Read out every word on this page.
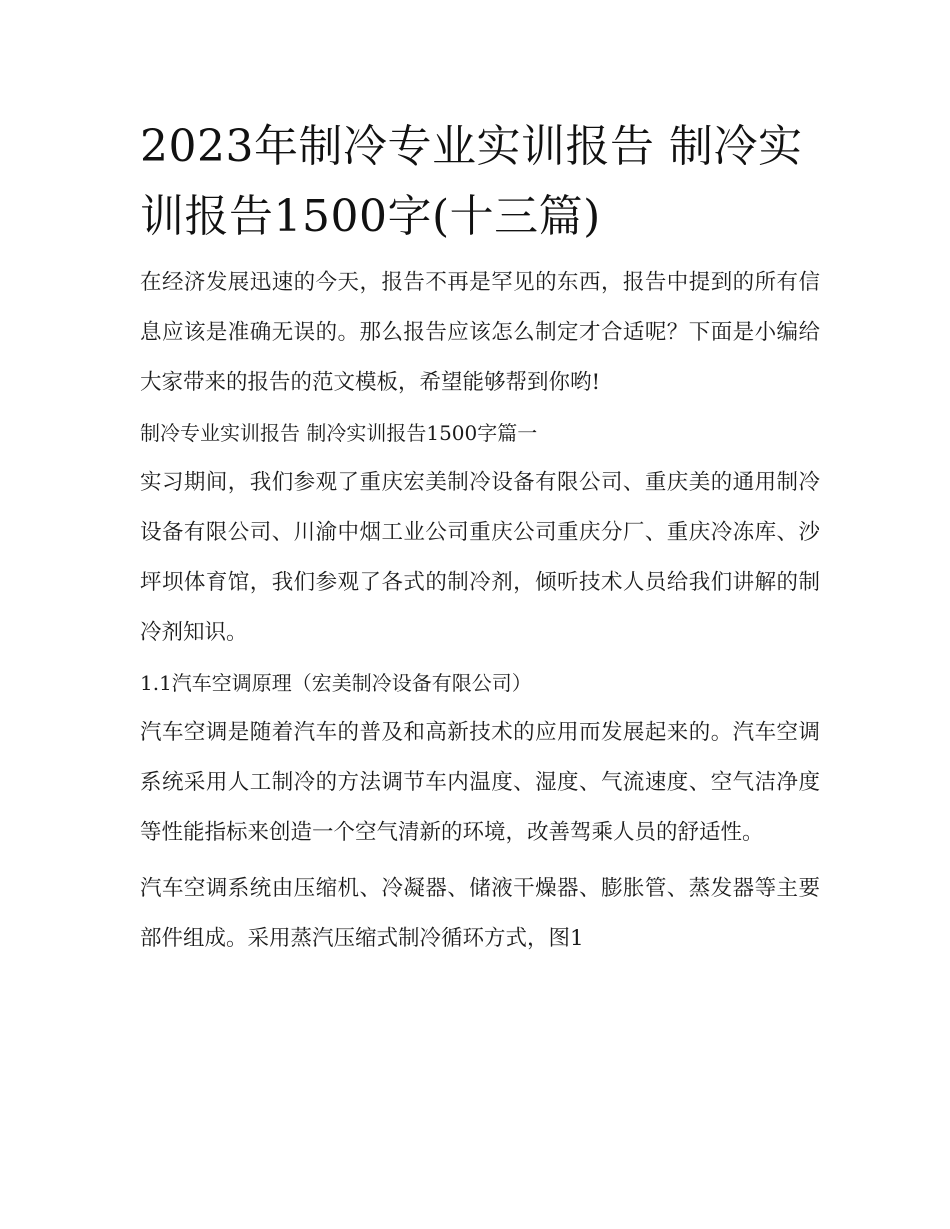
2023年制冷专业实训报告 制冷实训报告1500字(十三篇)

在经济发展迅速的今天，报告不再是罕见的东西，报告中提到的所有信息应该是准确无误的。那么报告应该怎么制定才合适呢？下面是小编给大家带来的报告的范文模板，希望能够帮到你哟!

制冷专业实训报告 制冷实训报告1500字篇一

实习期间，我们参观了重庆宏美制冷设备有限公司、重庆美的通用制冷设备有限公司、川渝中烟工业公司重庆公司重庆分厂、重庆冷冻库、沙坪坝体育馆，我们参观了各式的制冷剂，倾听技术人员给我们讲解的制冷剂知识。

1.1汽车空调原理（宏美制冷设备有限公司）

汽车空调是随着汽车的普及和高新技术的应用而发展起来的。汽车空调系统采用人工制冷的方法调节车内温度、湿度、气流速度、空气洁净度等性能指标来创造一个空气清新的环境，改善驾乘人员的舒适性。

汽车空调系统由压缩机、冷凝器、储液干燥器、膨胀管、蒸发器等主要部件组成。采用蒸汽压缩式制冷循环方式，图1
